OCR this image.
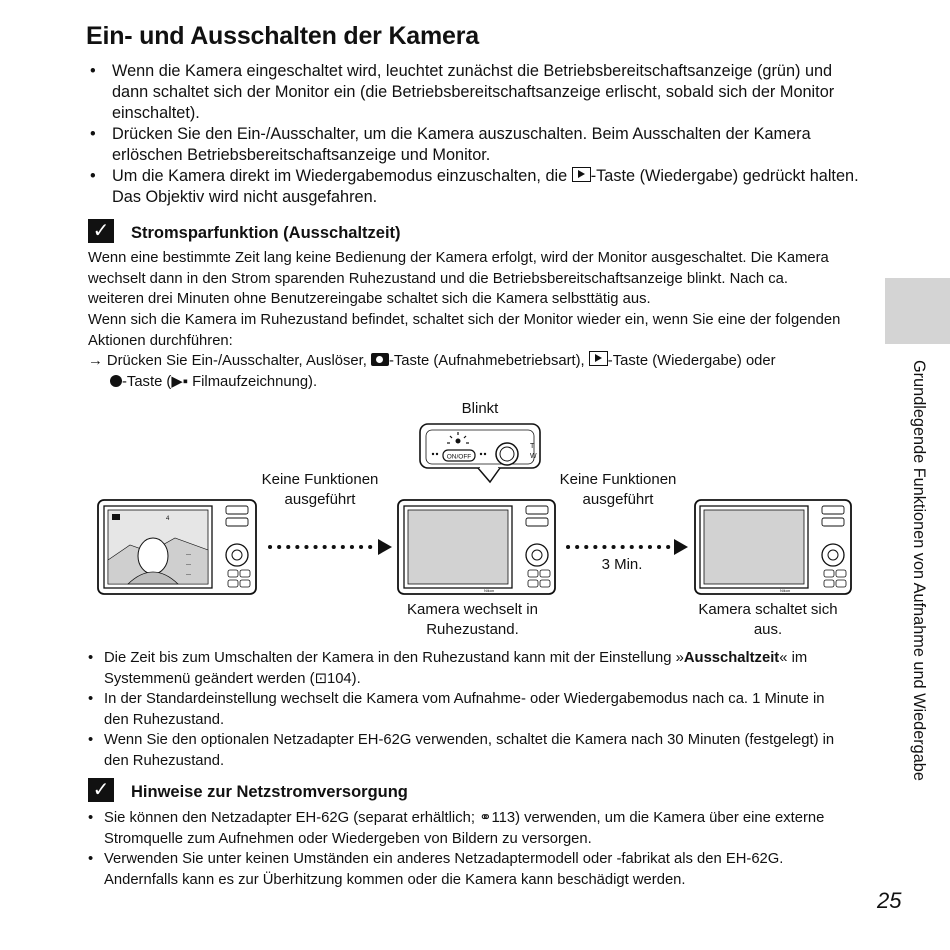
Ein- und Ausschalten der Kamera
• Wenn die Kamera eingeschaltet wird, leuchtet zunächst die Betriebsbereitschaftsanzeige (grün) und dann schaltet sich der Monitor ein (die Betriebsbereitschaftsanzeige erlischt, sobald sich der Monitor einschaltet).
• Drücken Sie den Ein-/Ausschalter, um die Kamera auszuschalten. Beim Ausschalten der Kamera erlöschen Betriebsbereitschaftsanzeige und Monitor.
• Um die Kamera direkt im Wiedergabemodus einzuschalten, die -Taste (Wiedergabe) gedrückt halten. Das Objektiv wird nicht ausgefahren.
✓ Stromsparfunktion (Ausschaltzeit)
Wenn eine bestimmte Zeit lang keine Bedienung der Kamera erfolgt, wird der Monitor ausgeschaltet. Die Kamera wechselt dann in den Strom sparenden Ruhezustand und die Betriebsbereitschaftsanzeige blinkt. Nach ca. weiteren drei Minuten ohne Benutzereingabe schaltet sich die Kamera selbsttätig aus.
Wenn sich die Kamera im Ruhezustand befindet, schaltet sich der Monitor wieder ein, wenn Sie eine der folgenden Aktionen durchführen:
→ Drücken Sie Ein-/Ausschalter, Auslöser, -Taste (Aufnahmebetriebsart), -Taste (Wiedergabe) oder
-Taste (▶▪ Filmaufzeichnung).
Blinkt
Keine Funktionen ausgeführt
Keine Funktionen ausgeführt
3 Min.
Kamera wechselt in Ruhezustand.
Kamera schaltet sich aus.
ON/OFF
T
W
4
—
—
—
Nikon	Nikon
• Die Zeit bis zum Umschalten der Kamera in den Ruhezustand kann mit der Einstellung »Ausschaltzeit« im Systemmenü geändert werden (⊡104).
• In der Standardeinstellung wechselt die Kamera vom Aufnahme- oder Wiedergabemodus nach ca. 1 Minute in den Ruhezustand.
• Wenn Sie den optionalen Netzadapter EH-62G verwenden, schaltet die Kamera nach 30 Minuten (festgelegt) in den Ruhezustand.
✓ Hinweise zur Netzstromversorgung
• Sie können den Netzadapter EH-62G (separat erhältlich; ⚭113) verwenden, um die Kamera über eine externe Stromquelle zum Aufnehmen oder Wiedergeben von Bildern zu versorgen.
• Verwenden Sie unter keinen Umständen ein anderes Netzadaptermodell oder -fabrikat als den EH-62G. Andernfalls kann es zur Überhitzung kommen oder die Kamera kann beschädigt werden.
Grundlegende Funktionen von Aufnahme und Wiedergabe
25
